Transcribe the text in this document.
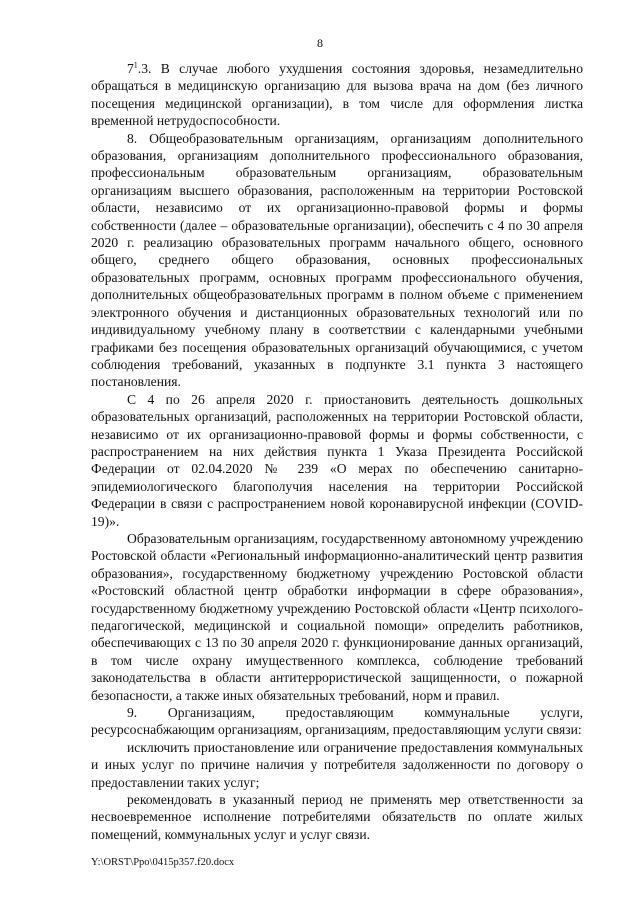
8

$7^1.3$. В случае любого ухудшения состояния здоровья, незамедлительно обращаться в медицинскую организацию для вызова врача на дом (без личного посещения медицинской организации), в том числе для оформления листка временной нетрудоспособности.

8. Общеобразовательным организациям, организациям дополнительного образования, организациям дополнительного профессионального образования, профессиональным образовательным организациям, образовательным организациям высшего образования, расположенным на территории Ростовской области, независимо от их организационно-правовой формы и формы собственности (далее – образовательные организации), обеспечить с 4 по 30 апреля 2020 г. реализацию образовательных программ начального общего, основного общего, среднего общего образования, основных профессиональных образовательных программ, основных программ профессионального обучения, дополнительных общеобразовательных программ в полном объеме с применением электронного обучения и дистанционных образовательных технологий или по индивидуальному учебному плану в соответствии с календарными учебными графиками без посещения образовательных организаций обучающимися, с учетом соблюдения требований, указанных в подпункте 3.1 пункта 3 настоящего постановления.

С 4 по 26 апреля 2020 г. приостановить деятельность дошкольных образовательных организаций, расположенных на территории Ростовской области, независимо от их организационно-правовой формы и формы собственности, с распространением на них действия пункта 1 Указа Президента Российской Федерации от 02.04.2020 № 239 «О мерах по обеспечению санитарно-эпидемиологического благополучия населения на территории Российской Федерации в связи с распространением новой коронавирусной инфекции (COVID-19)».

Образовательным организациям, государственному автономному учреждению Ростовской области «Региональный информационно-аналитический центр развития образования», государственному бюджетному учреждению Ростовской области «Ростовский областной центр обработки информации в сфере образования», государственному бюджетному учреждению Ростовской области «Центр психолого-педагогической, медицинской и социальной помощи» определить работников, обеспечивающих с 13 по 30 апреля 2020 г. функционирование данных организаций, в том числе охрану имущественного комплекса, соблюдение требований законодательства в области антитеррористической защищенности, о пожарной безопасности, а также иных обязательных требований, норм и правил.

9. Организациям, предоставляющим коммунальные услуги, ресурсоснабжающим организациям, организациям, предоставляющим услуги связи:

исключить приостановление или ограничение предоставления коммунальных и иных услуг по причине наличия у потребителя задолженности по договору о предоставлении таких услуг;

рекомендовать в указанный период не применять мер ответственности за несвоевременное исполнение потребителями обязательств по оплате жилых помещений, коммунальных услуг и услуг связи.

Y:\ORST\Ppo\0415p357.f20.docx
